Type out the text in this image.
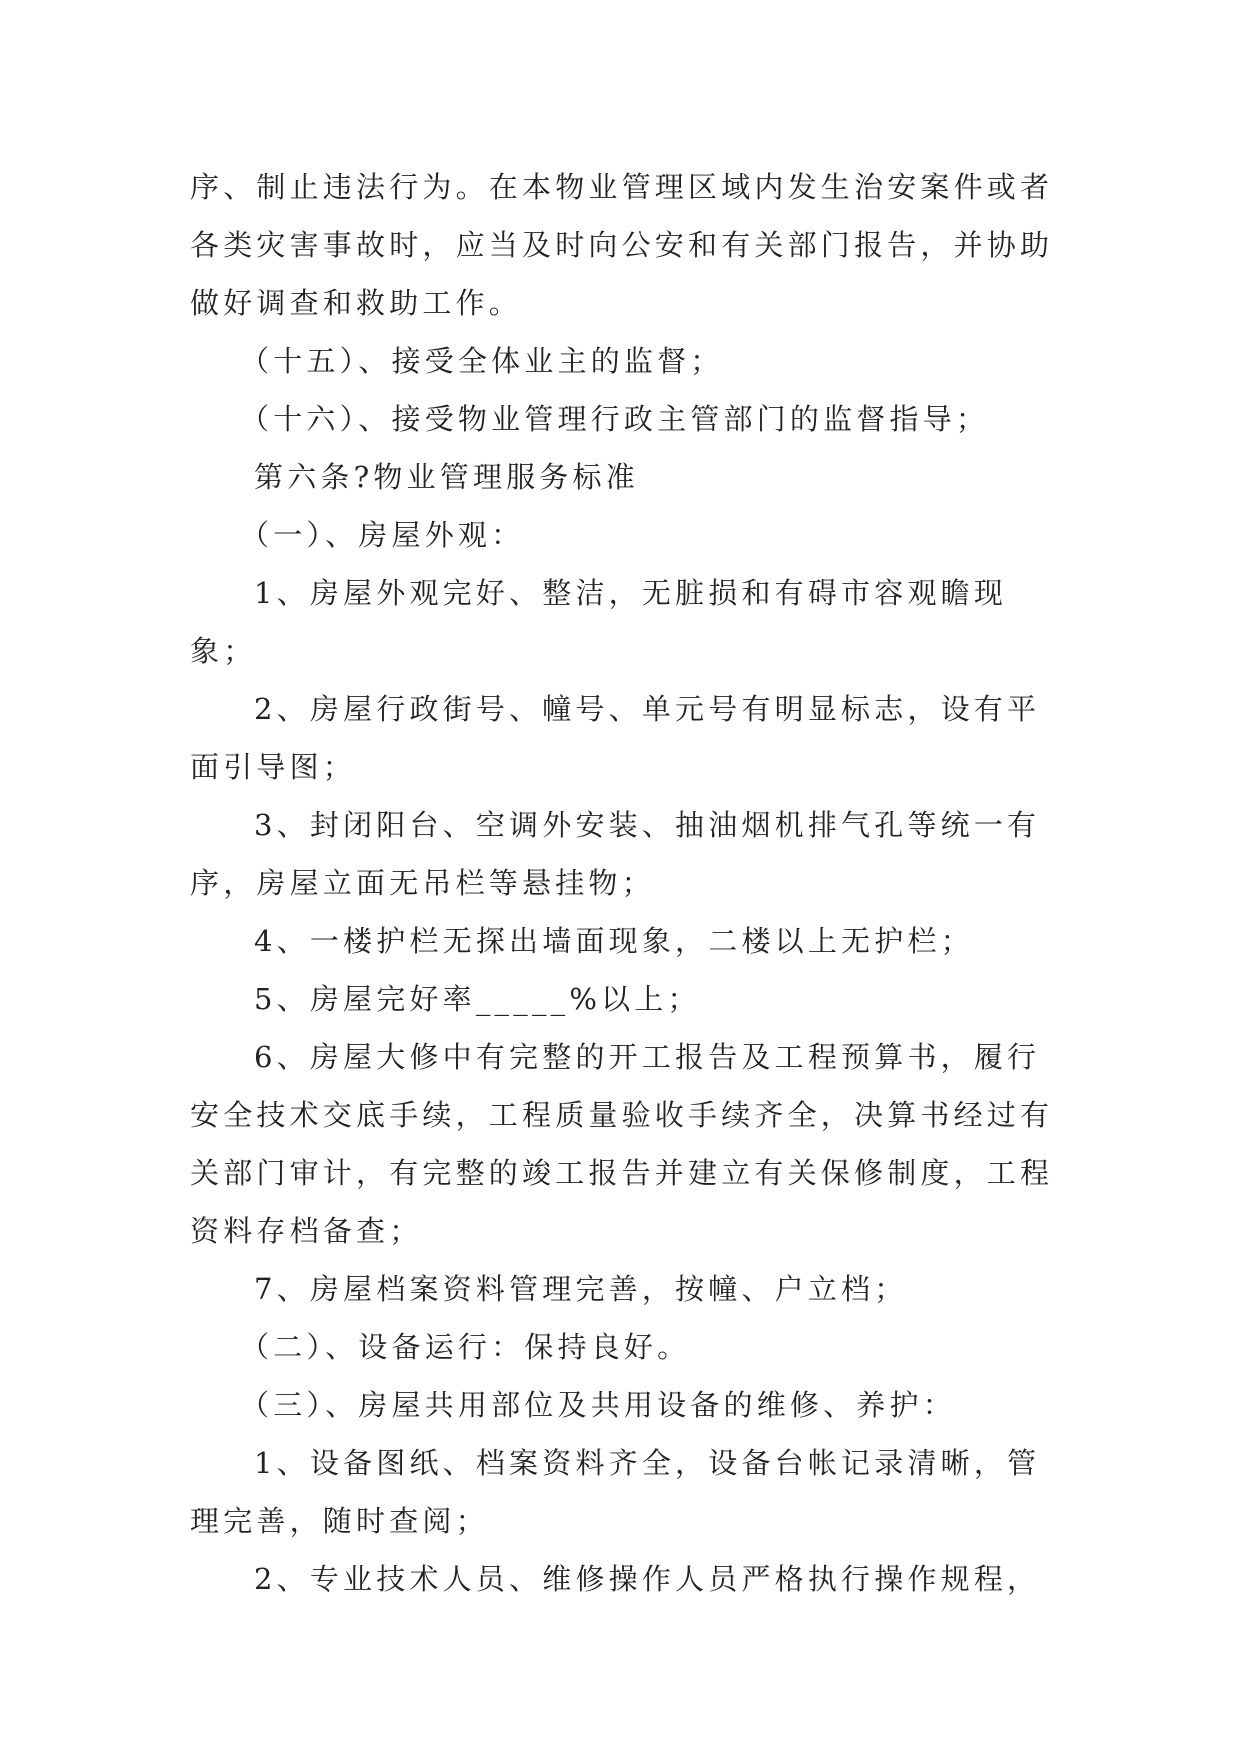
序、制止违法行为。在本物业管理区域内发生治安案件或者各类灾害事故时，应当及时向公安和有关部门报告，并协助做好调查和救助工作。

（十五）、接受全体业主的监督；

（十六）、接受物业管理行政主管部门的监督指导；

第六条?物业管理服务标准

（一）、房屋外观：

1、房屋外观完好、整洁，无脏损和有碍市容观瞻现象；

2、房屋行政街号、幢号、单元号有明显标志，设有平面引导图；

3、封闭阳台、空调外安装、抽油烟机排气孔等统一有序，房屋立面无吊栏等悬挂物；

4、一楼护栏无探出墙面现象，二楼以上无护栏；

5、房屋完好率_____%以上；

6、房屋大修中有完整的开工报告及工程预算书，履行安全技术交底手续，工程质量验收手续齐全，决算书经过有关部门审计，有完整的竣工报告并建立有关保修制度，工程资料存档备查；

7、房屋档案资料管理完善，按幢、户立档；

（二）、设备运行：保持良好。

（三）、房屋共用部位及共用设备的维修、养护：

1、设备图纸、档案资料齐全，设备台帐记录清晰，管理完善，随时查阅；

2、专业技术人员、维修操作人员严格执行操作规程，
